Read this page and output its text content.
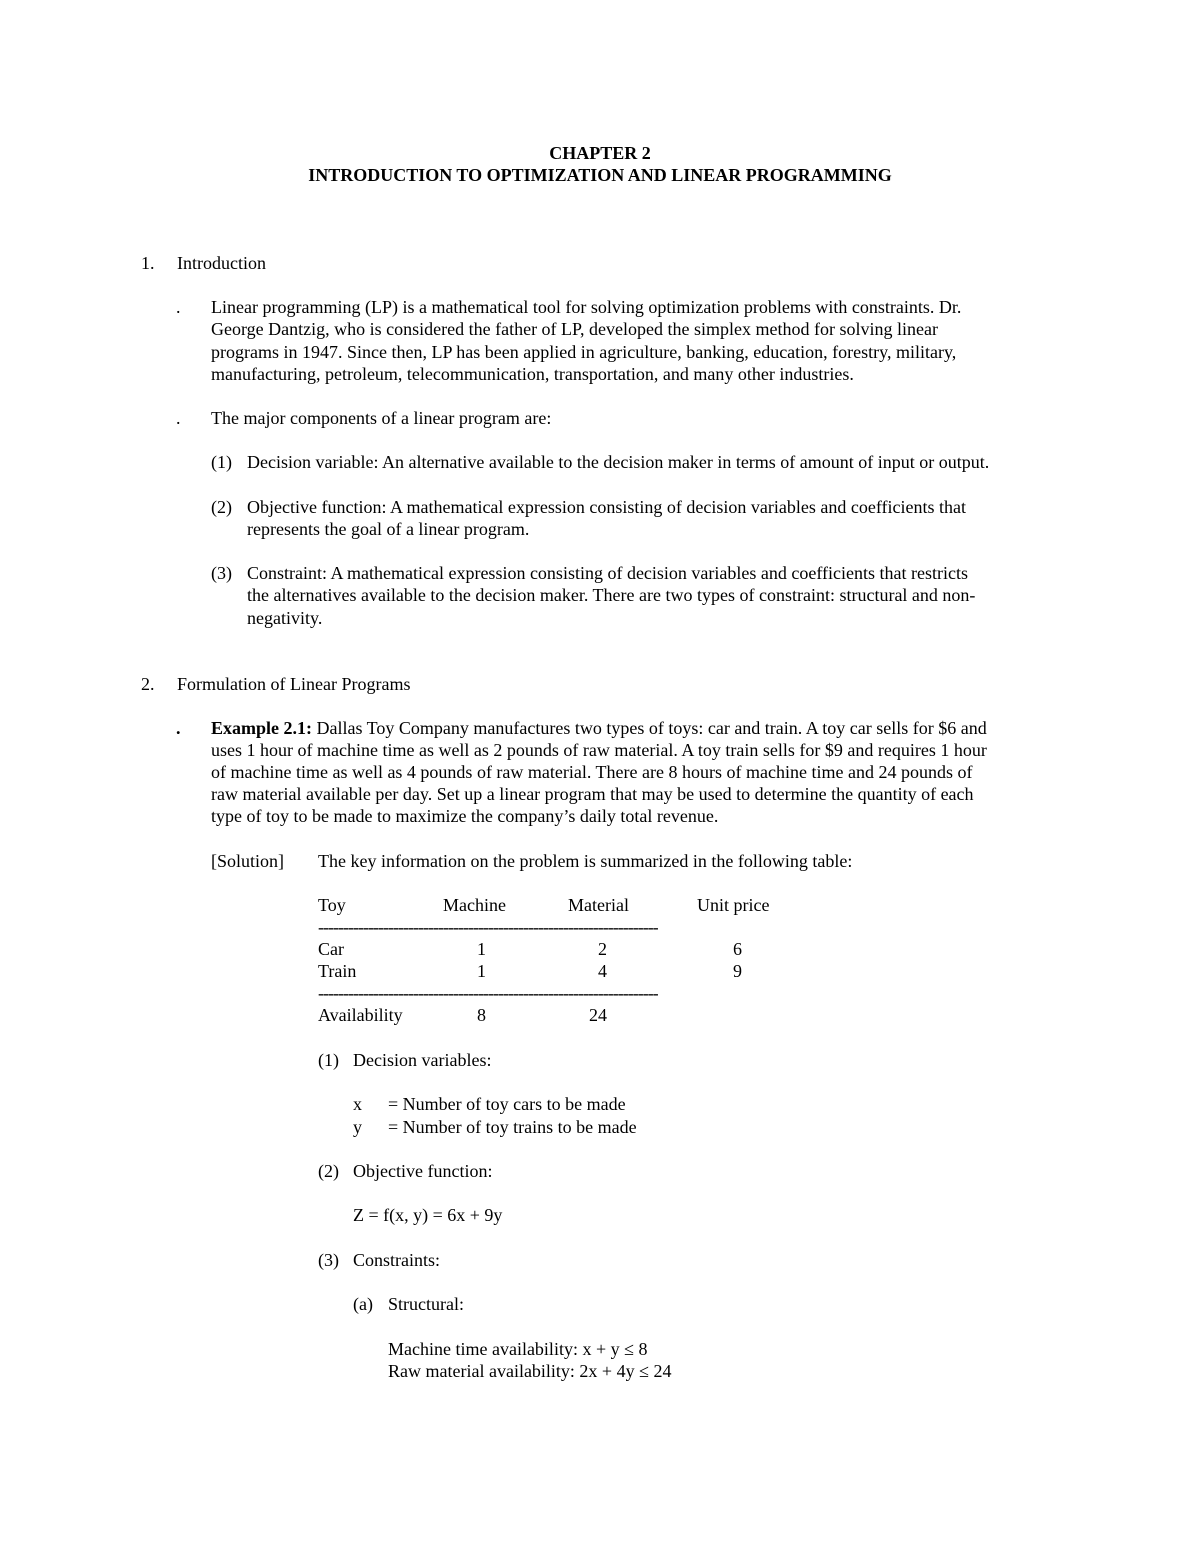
CHAPTER 2
INTRODUCTION TO OPTIMIZATION AND LINEAR PROGRAMMING
1. Introduction
. Linear programming (LP) is a mathematical tool for solving optimization problems with constraints. Dr.
George Dantzig, who is considered the father of LP, developed the simplex method for solving linear
programs in 1947. Since then, LP has been applied in agriculture, banking, education, forestry, military,
manufacturing, petroleum, telecommunication, transportation, and many other industries.
. The major components of a linear program are:
(1) Decision variable: An alternative available to the decision maker in terms of amount of input or output.
(2) Objective function: A mathematical expression consisting of decision variables and coefficients that
represents the goal of a linear program.
(3) Constraint: A mathematical expression consisting of decision variables and coefficients that restricts
the alternatives available to the decision maker. There are two types of constraint: structural and non-
negativity.
2. Formulation of Linear Programs
. Example 2.1: Dallas Toy Company manufactures two types of toys: car and train. A toy car sells for $6 and
uses 1 hour of machine time as well as 2 pounds of raw material. A toy train sells for $9 and requires 1 hour
of machine time as well as 4 pounds of raw material. There are 8 hours of machine time and 24 pounds of
raw material available per day. Set up a linear program that may be used to determine the quantity of each
type of toy to be made to maximize the company’s daily total revenue.
[Solution] The key information on the problem is summarized in the following table:
Toy	Machine	Material	Unit price
--------------------------------------------------------------------
Car	1	2	6
Train	1	4	9
--------------------------------------------------------------------
Availability	8	24
(1) Decision variables:
x = Number of toy cars to be made
y = Number of toy trains to be made
(2) Objective function:
Z = f(x, y) = 6x + 9y
(3) Constraints:
(a) Structural:
Machine time availability: x + y ≤ 8
Raw material availability: 2x + 4y ≤ 24
